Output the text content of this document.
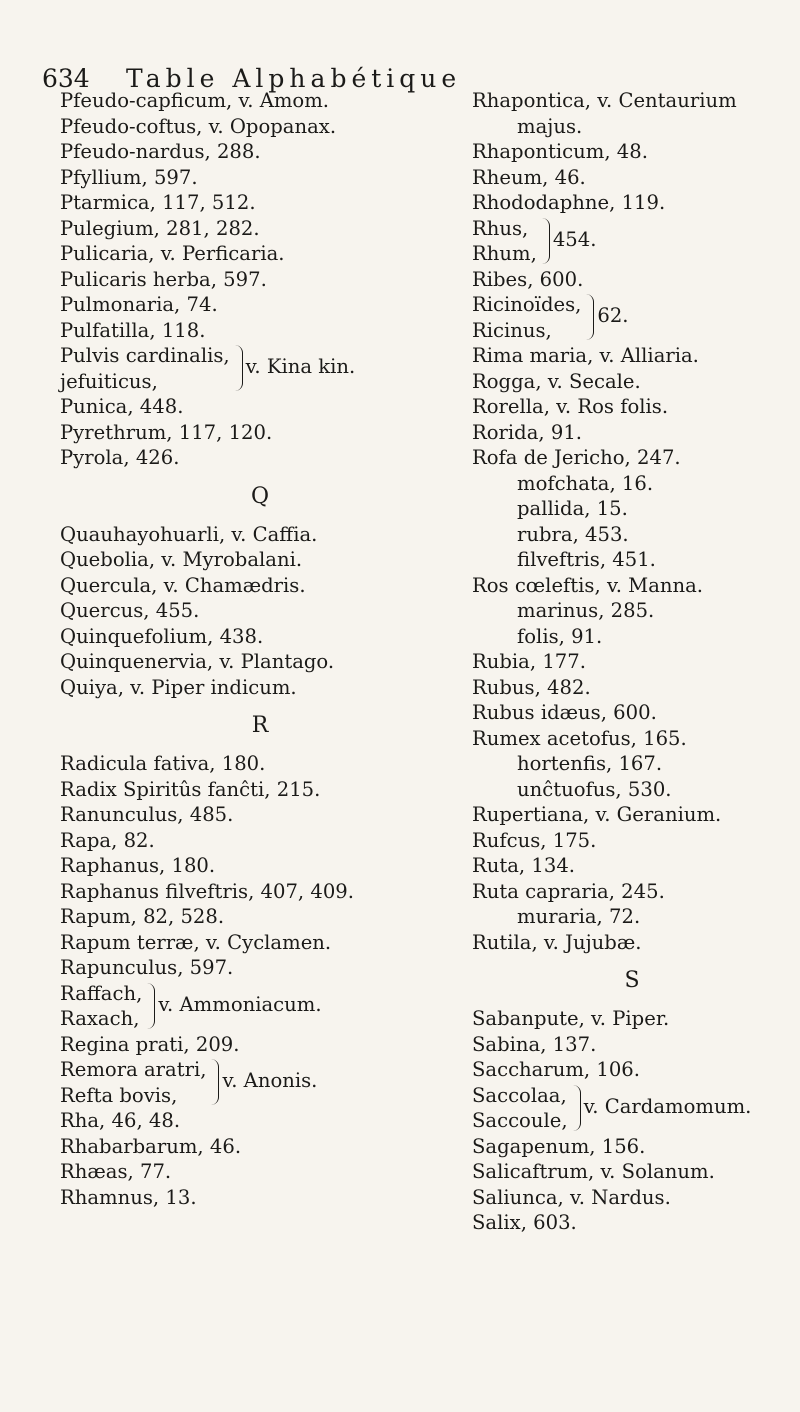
634 Table Alphabétique
Pfeudo-capficum, v. Amom.
Pfeudo-coftus, v. Opopanax.
Pfeudo-nardus, 288.
Pfyllium, 597.
Ptarmica, 117, 512.
Pulegium, 281, 282.
Pulicaria, v. Perficaria.
Pulicaris herba, 597.
Pulmonaria, 74.
Pulfatilla, 118.
Pulvis cardinalis,
jefuiticus,
v. Kina kin.
Punica, 448.
Pyrethrum, 117, 120.
Pyrola, 426.
Q
Quauhayohuarli, v. Caffia.
Quebolia, v. Myrobalani.
Quercula, v. Chamædris.
Quercus, 455.
Quinquefolium, 438.
Quinquenervia, v. Plantago.
Quiya, v. Piper indicum.
R
Radicula fativa, 180.
Radix Spiritûs fanĉti, 215.
Ranunculus, 485.
Rapa, 82.
Raphanus, 180.
Raphanus filveftris, 407, 409.
Rapum, 82, 528.
Rapum terræ, v. Cyclamen.
Rapunculus, 597.
Raffach,
Raxach,
v. Ammoniacum.
Regina prati, 209.
Remora aratri,
Refta bovis,
v. Anonis.
Rha, 46, 48.
Rhabarbarum, 46.
Rhæas, 77.
Rhamnus, 13.
Rhapontica, v. Centaurium
majus.
Rhaponticum, 48.
Rheum, 46.
Rhododaphne, 119.
Rhus,
Rhum,
454.
Ribes, 600.
Ricinoïdes,
Ricinus,
62.
Rima maria, v. Alliaria.
Rogga, v. Secale.
Rorella, v. Ros folis.
Rorida, 91.
Rofa de Jericho, 247.
mofchata, 16.
pallida, 15.
rubra, 453.
filveftris, 451.
Ros cœleftis, v. Manna.
marinus, 285.
folis, 91.
Rubia, 177.
Rubus, 482.
Rubus idæus, 600.
Rumex acetofus, 165.
hortenfis, 167.
unĉtuofus, 530.
Rupertiana, v. Geranium.
Rufcus, 175.
Ruta, 134.
Ruta capraria, 245.
muraria, 72.
Rutila, v. Jujubæ.
S
Sabanpute, v. Piper.
Sabina, 137.
Saccharum, 106.
Saccolaa,
Saccoule,
v. Cardamomum.
Sagapenum, 156.
Salicaftrum, v. Solanum.
Saliunca, v. Nardus.
Salix, 603.
